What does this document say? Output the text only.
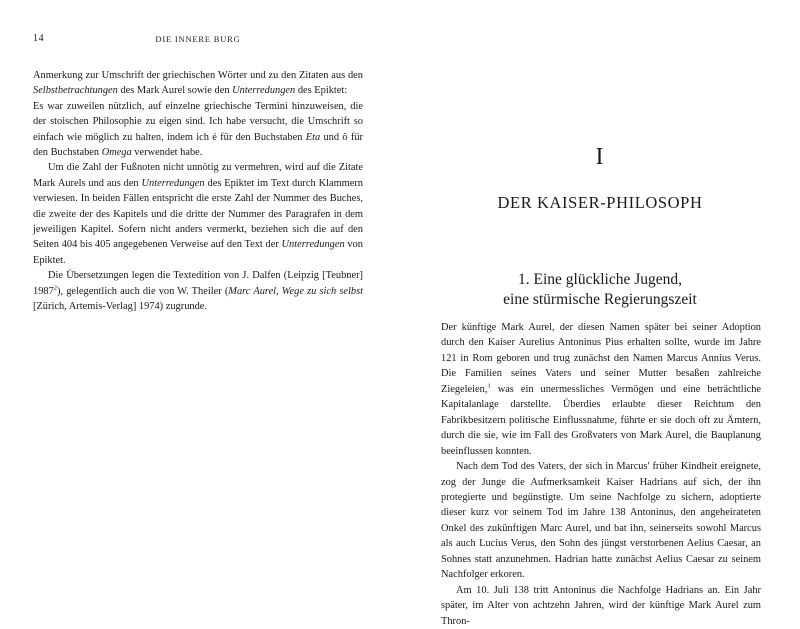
14	DIE INNERE BURG

Anmerkung zur Umschrift der griechischen Wörter und zu den Zitaten aus den Selbstbetrachtungen des Mark Aurel sowie den Unterredungen des Epiktet:

Es war zuweilen nützlich, auf einzelne griechische Termini hinzuweisen, die der stoischen Philosophie zu eigen sind. Ich habe versucht, die Umschrift so einfach wie möglich zu halten, indem ich é für den Buchstaben Eta und ô für den Buchstaben Omega verwendet habe.

Um die Zahl der Fußnoten nicht unnötig zu vermehren, wird auf die Zitate Mark Aurels und aus den Unterredungen des Epiktet im Text durch Klammern verwiesen. In beiden Fällen entspricht die erste Zahl der Nummer des Buches, die zweite der des Kapitels und die dritte der Nummer des Paragrafen in dem jeweiligen Kapitel. Sofern nicht anders vermerkt, beziehen sich die auf den Seiten 404 bis 405 angegebenen Verweise auf den Text der Unterredungen von Epiktet.

Die Übersetzungen legen die Textedition von J. Dalfen (Leipzig [Teubner] 1987$^2$), gelegentlich auch die von W. Theiler (Marc Aurel, Wege zu sich selbst [Zürich, Artemis-Verlag] 1974) zugrunde.

I
DER KAISER-PHILOSOPH
1. Eine glückliche Jugend,
eine stürmische Regierungszeit

Der künftige Mark Aurel, der diesen Namen später bei seiner Adoption durch den Kaiser Aurelius Antoninus Pius erhalten sollte, wurde im Jahre 121 in Rom geboren und trug zunächst den Namen Marcus Annius Verus. Die Familien seines Vaters und seiner Mutter besaßen zahlreiche Ziegeleien,$^1$ was ein unermessliches Vermögen und eine beträchtliche Kapitalanlage darstellte. Überdies erlaubte dieser Reichtum den Fabrikbesitzern politische Einflussnahme, führte er sie doch oft zu Ämtern, durch die sie, wie im Fall des Großvaters von Mark Aurel, die Bauplanung beeinflussen konnten.

Nach dem Tod des Vaters, der sich in Marcus' früher Kindheit ereignete, zog der Junge die Aufmerksamkeit Kaiser Hadrians auf sich, der ihn protegierte und begünstigte. Um seine Nachfolge zu sichern, adoptierte dieser kurz vor seinem Tod im Jahre 138 Antoninus, den angeheirateten Onkel des zukünftigen Marc Aurel, und bat ihn, seinerseits sowohl Marcus als auch Lucius Verus, den Sohn des jüngst verstorbenen Aelius Caesar, an Sohnes statt anzunehmen. Hadrian hatte zunächst Aelius Caesar zu seinem Nachfolger erkoren.

Am 10. Juli 138 tritt Antoninus die Nachfolge Hadrians an. Ein Jahr später, im Alter von achtzehn Jahren, wird der künftige Mark Aurel zum Thron-
